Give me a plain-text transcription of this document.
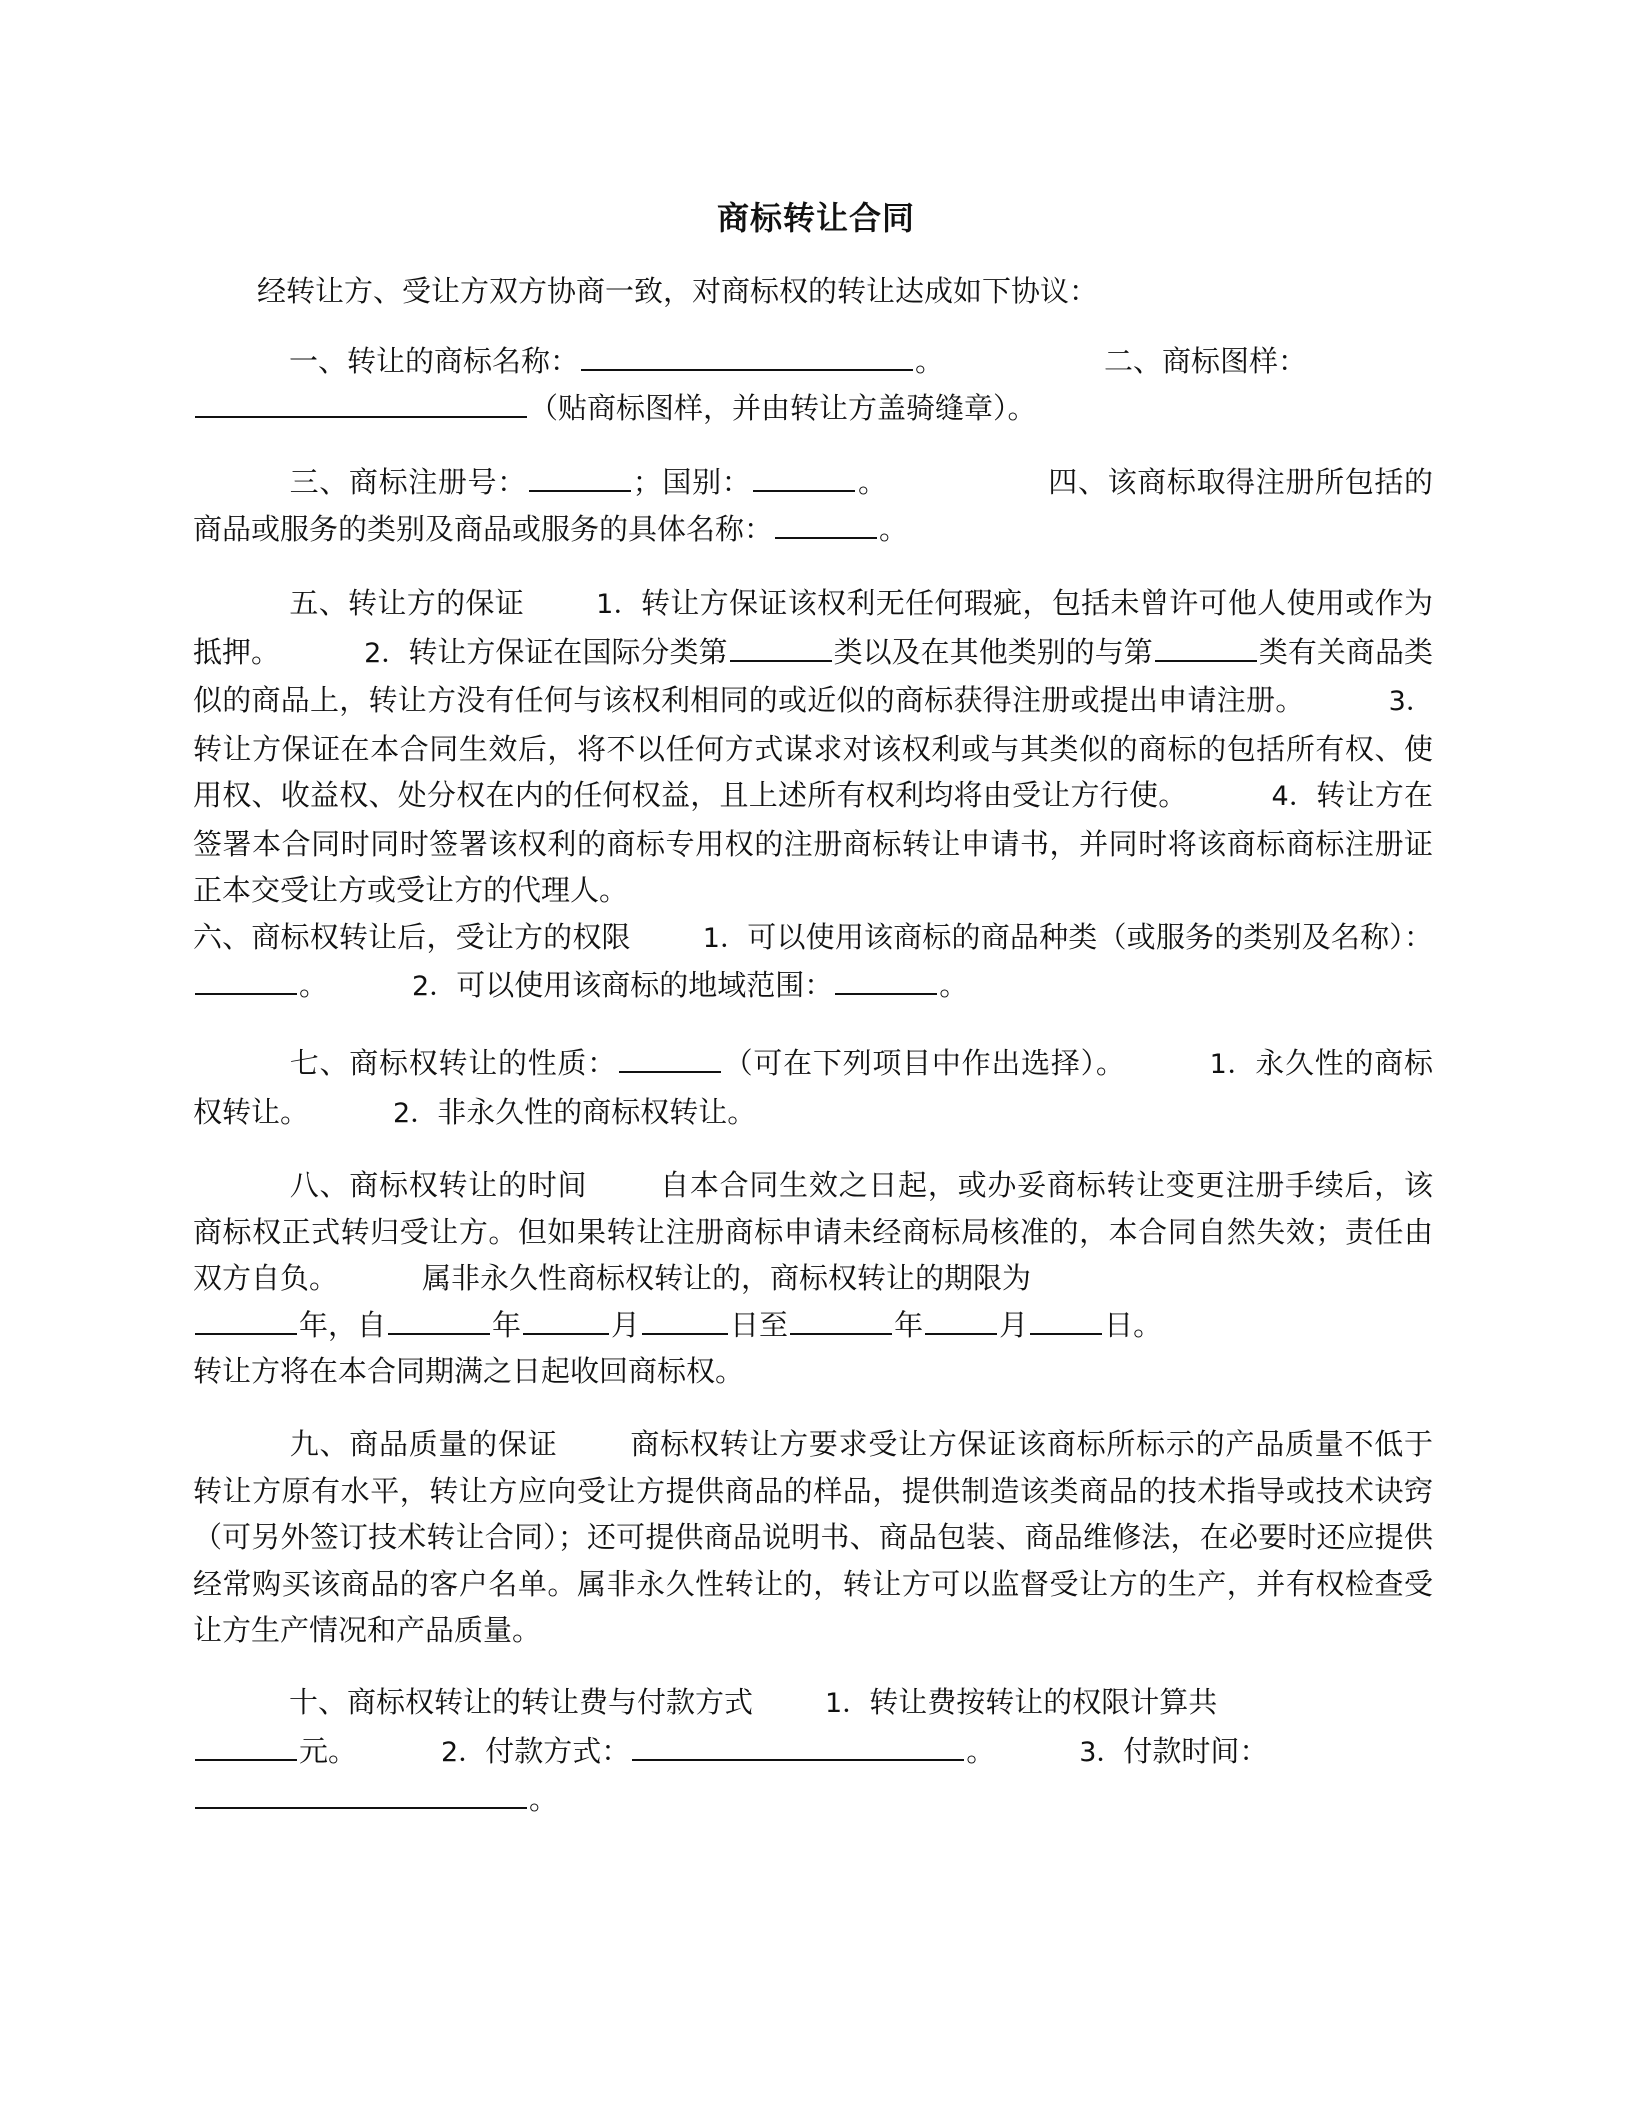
商标转让合同

经转让方、受让方双方协商一致，对商标权的转让达成如下协议：

一、转让的商标名称：	。	二、商标图样：
（贴商标图样，并由转让方盖骑缝章）。

三、商标注册号：	；国别：	。	四、该商标取得注册所包括的商品或服务的类别及商品或服务的具体名称：	。

五、转让方的保证	1．转让方保证该权利无任何瑕疵，包括未曾许可他人使用或作为抵押。	2．转让方保证在国际分类第	类以及在其他类别的与第	类有关商品类似的商品上，转让方没有任何与该权利相同的或近似的商标获得注册或提出申请注册。	3．转让方保证在本合同生效后，将不以任何方式谋求对该权利或与其类似的商标的包括所有权、使用权、收益权、处分权在内的任何权益，且上述所有权利均将由受让方行使。	4．转让方在签署本合同时同时签署该权利的商标专用权的注册商标转让申请书，并同时将该商标商标注册证正本交受让方或受让方的代理人。
六、商标权转让后，受让方的权限	1．可以使用该商标的商品种类（或服务的类别及名称）：。	2．可以使用该商标的地域范围：	。

七、商标权转让的性质：	（可在下列项目中作出选择）。	1．永久性的商标权转让。	2．非永久性的商标权转让。

八、商标权转让的时间 自本合同生效之日起，或办妥商标转让变更注册手续后，该商标权正式转归受让方。但如果转让注册商标申请未经商标局核准的，本合同自然失效；责任由双方自负。	属非永久性商标权转让的，商标权转让的期限为
年，自	年	月	日至	年	月	日。
转让方将在本合同期满之日起收回商标权。

九、商品质量的保证 商标权转让方要求受让方保证该商标所标示的产品质量不低于转让方原有水平，转让方应向受让方提供商品的样品，提供制造该类商品的技术指导或技术诀窍（可另外签订技术转让合同）；还可提供商品说明书、商品包装、商品维修法，在必要时还应提供经常购买该商品的客户名单。属非永久性转让的，转让方可以监督受让方的生产，并有权检查受让方生产情况和产品质量。

十、商标权转让的转让费与付款方式	1．转让费按转让的权限计算共
元。	2．付款方式：	。	3．付款时间：
。
